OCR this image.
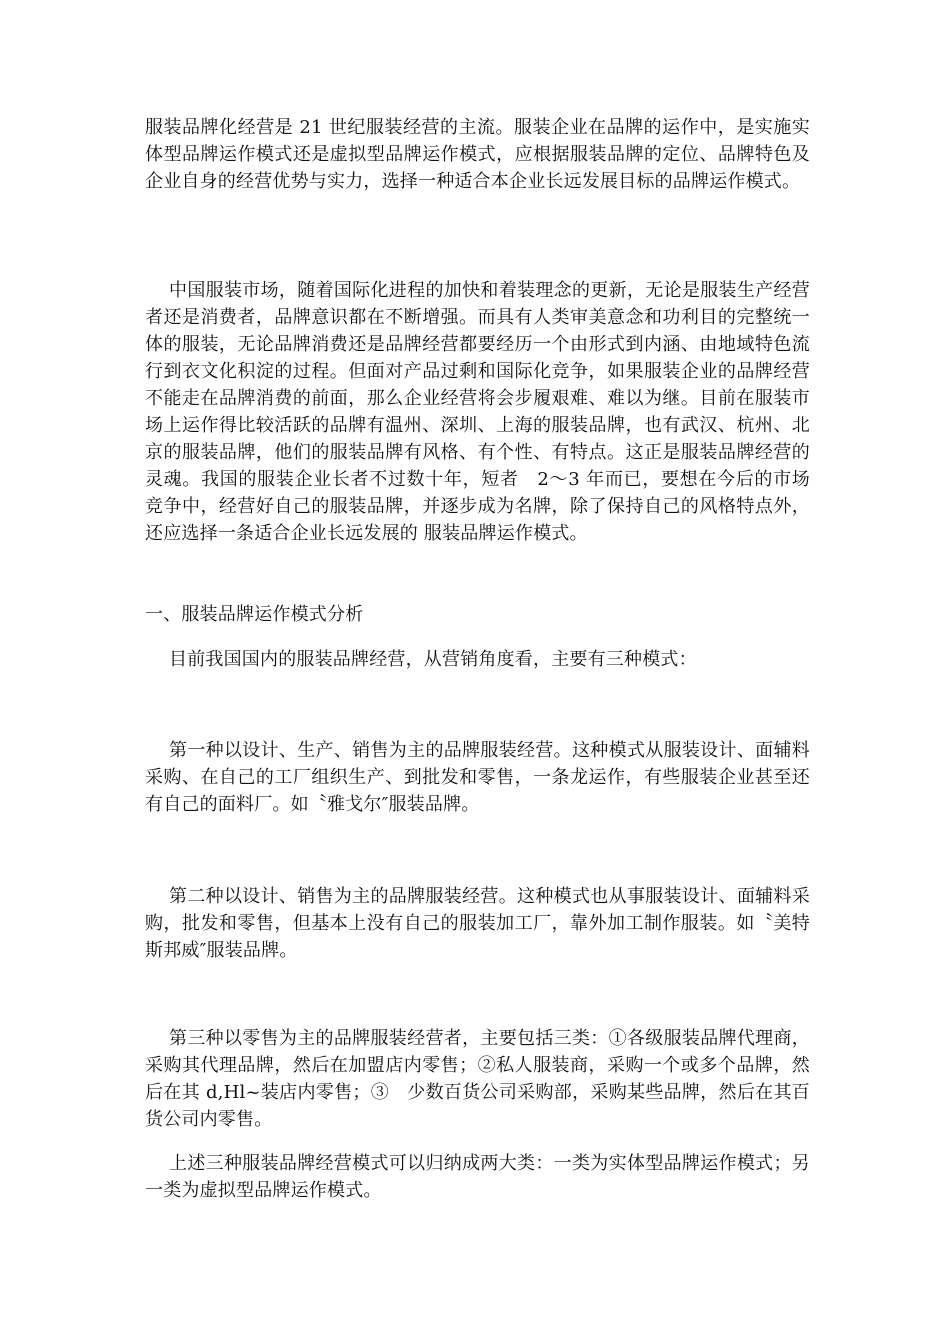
服装品牌化经营是 21 世纪服装经营的主流。服装企业在品牌的运作中，是实施实体型品牌运作模式还是虚拟型品牌运作模式，应根据服装品牌的定位、品牌特色及企业自身的经营优势与实力，选择一种适合本企业长远发展目标的品牌运作模式。

中国服装市场，随着国际化进程的加快和着装理念的更新，无论是服装生产经营者还是消费者，品牌意识都在不断增强。而具有人类审美意念和功利目的完整统一体的服装，无论品牌消费还是品牌经营都要经历一个由形式到内涵、由地域特色流行到衣文化积淀的过程。但面对产品过剩和国际化竞争，如果服装企业的品牌经营不能走在品牌消费的前面，那么企业经营将会步履艰难、难以为继。目前在服装市场上运作得比较活跃的品牌有温州、深圳、上海的服装品牌，也有武汉、杭州、北京的服装品牌，他们的服装品牌有风格、有个性、有特点。这正是服装品牌经营的灵魂。我国的服装企业长者不过数十年，短者　2～3 年而已，要想在今后的市场竞争中，经营好自己的服装品牌，并逐步成为名牌，除了保持自己的风格特点外，还应选择一条适合企业长远发展的 服装品牌运作模式。

一、服装品牌运作模式分析

目前我国国内的服装品牌经营，从营销角度看，主要有三种模式：

第一种以设计、生产、销售为主的品牌服装经营。这种模式从服装设计、面辅料采购、在自己的工厂组织生产、到批发和零售，一条龙运作，有些服装企业甚至还有自己的面料厂。如〝雅戈尔″服装品牌。

第二种以设计、销售为主的品牌服装经营。这种模式也从事服装设计、面辅料采购，批发和零售，但基本上没有自己的服装加工厂，靠外加工制作服装。如〝美特斯邦威″服装品牌。

第三种以零售为主的品牌服装经营者，主要包括三类：①各级服装品牌代理商，采购其代理品牌，然后在加盟店内零售；②私人服装商，采购一个或多个品牌，然后在其 d,Hl~装店内零售；③　少数百货公司采购部，采购某些品牌，然后在其百货公司内零售。

上述三种服装品牌经营模式可以归纳成两大类：一类为实体型品牌运作模式；另一类为虚拟型品牌运作模式。
